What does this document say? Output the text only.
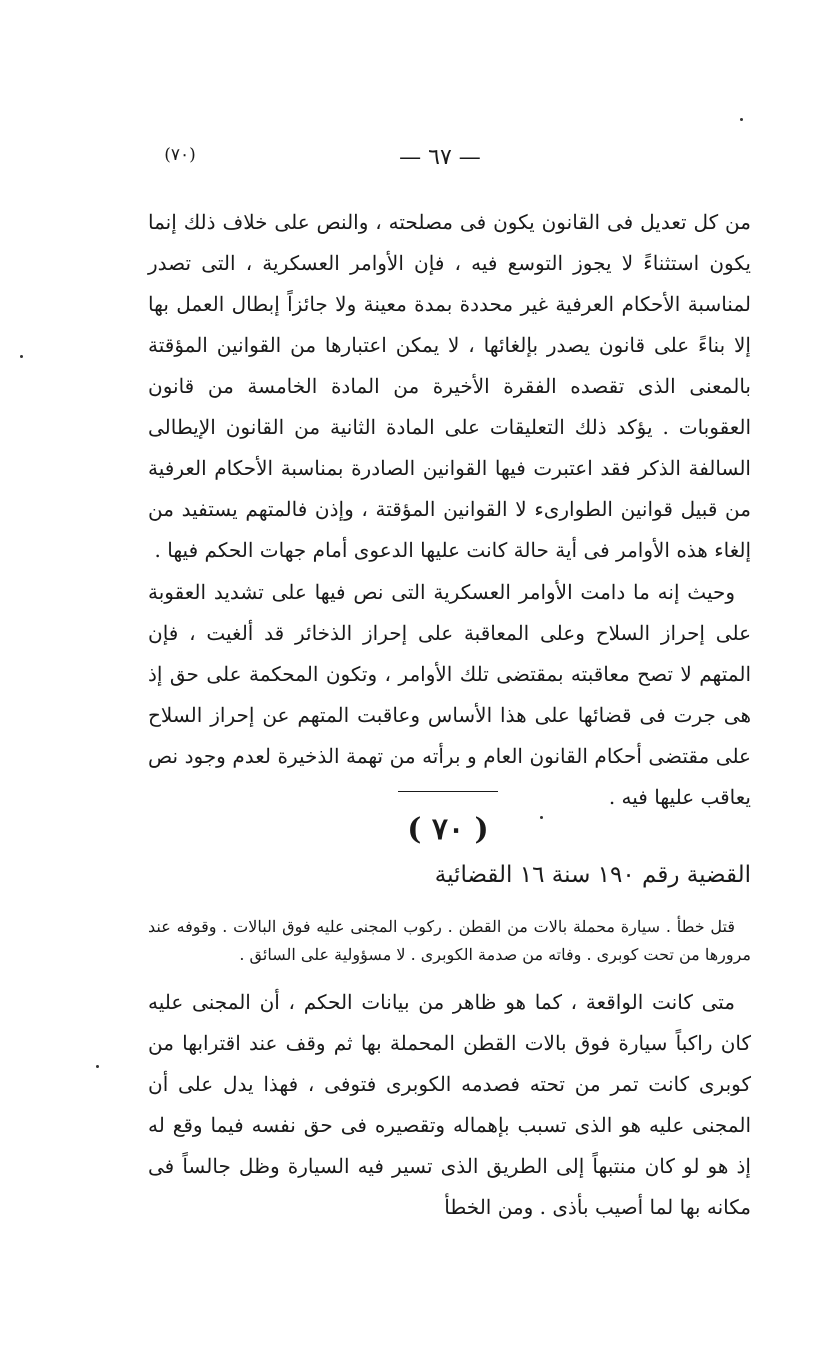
— ٦٧ —
(٧٠)
من كل تعديل فى القانون يكون فى مصلحته ، والنص على خلاف ذلك إنما يكون استثناءً لا يجوز التوسع فيه ، فإن الأوامر العسكرية ، التى تصدر لمناسبة الأحكام العرفية غير محددة بمدة معينة ولا جائزاً إبطال العمل بها إلا بناءً على قانون يصدر بإلغائها ، لا يمكن اعتبارها من القوانين المؤقتة بالمعنى الذى تقصده الفقرة الأخيرة من المادة الخامسة من قانون العقوبات . يؤكد ذلك التعليقات على المادة الثانية من القانون الإيطالى السالفة الذكر فقد اعتبرت فيها القوانين الصادرة بمناسبة الأحكام العرفية من قبيل قوانين الطوارىء لا القوانين المؤقتة ، وإذن فالمتهم يستفيد من إلغاء هذه الأوامر فى أية حالة كانت عليها الدعوى أمام جهات الحكم فيها .
وحيث إنه ما دامت الأوامر العسكرية التى نص فيها على تشديد العقوبة على إحراز السلاح وعلى المعاقبة على إحراز الذخائر قد ألغيت ، فإن المتهم لا تصح معاقبته بمقتضى تلك الأوامر ، وتكون المحكمة على حق إذ هى جرت فى قضائها على هذا الأساس وعاقبت المتهم عن إحراز السلاح على مقتضى أحكام القانون العام و برأته من تهمة الذخيرة لعدم وجود نص يعاقب عليها فيه .
( ٧٠ )
القضية رقم ١٩٠ سنة ١٦ القضائية
قتل خطأ . سيارة محملة بالات من القطن . ركوب المجنى عليه فوق البالات . وقوفه عند مرورها من تحت كوبرى . وفاته من صدمة الكوبرى . لا مسؤولية على السائق .
متى كانت الواقعة ، كما هو ظاهر من بيانات الحكم ، أن المجنى عليه كان راكباً سيارة فوق بالات القطن المحملة بها ثم وقف عند اقترابها من كوبرى كانت تمر من تحته فصدمه الكوبرى فتوفى ، فهذا يدل على أن المجنى عليه هو الذى تسبب بإهماله وتقصيره فى حق نفسه فيما وقع له إذ هو لو كان منتبهاً إلى الطريق الذى تسير فيه السيارة وظل جالساً فى مكانه بها لما أصيب بأذى . ومن الخطأ
